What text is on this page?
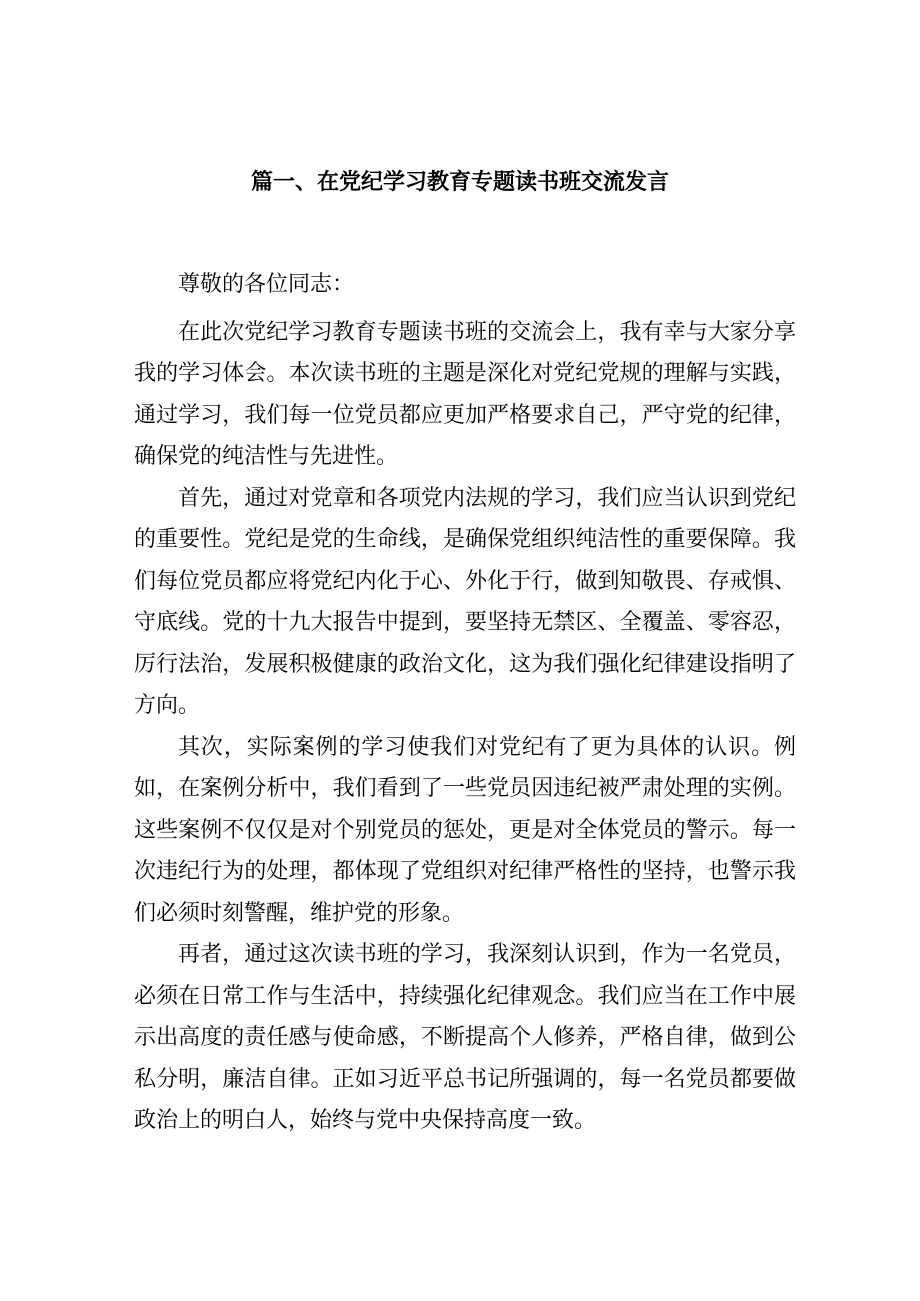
篇一、在党纪学习教育专题读书班交流发言

尊敬的各位同志：

在此次党纪学习教育专题读书班的交流会上，我有幸与大家分享我的学习体会。本次读书班的主题是深化对党纪党规的理解与实践，通过学习，我们每一位党员都应更加严格要求自己，严守党的纪律，确保党的纯洁性与先进性。

首先，通过对党章和各项党内法规的学习，我们应当认识到党纪的重要性。党纪是党的生命线，是确保党组织纯洁性的重要保障。我们每位党员都应将党纪内化于心、外化于行，做到知敬畏、存戒惧、守底线。党的十九大报告中提到，要坚持无禁区、全覆盖、零容忍，厉行法治，发展积极健康的政治文化，这为我们强化纪律建设指明了方向。

其次，实际案例的学习使我们对党纪有了更为具体的认识。例如，在案例分析中，我们看到了一些党员因违纪被严肃处理的实例。这些案例不仅仅是对个别党员的惩处，更是对全体党员的警示。每一次违纪行为的处理，都体现了党组织对纪律严格性的坚持，也警示我们必须时刻警醒，维护党的形象。

再者，通过这次读书班的学习，我深刻认识到，作为一名党员，必须在日常工作与生活中，持续强化纪律观念。我们应当在工作中展示出高度的责任感与使命感，不断提高个人修养，严格自律，做到公私分明，廉洁自律。正如习近平总书记所强调的，每一名党员都要做政治上的明白人，始终与党中央保持高度一致。
